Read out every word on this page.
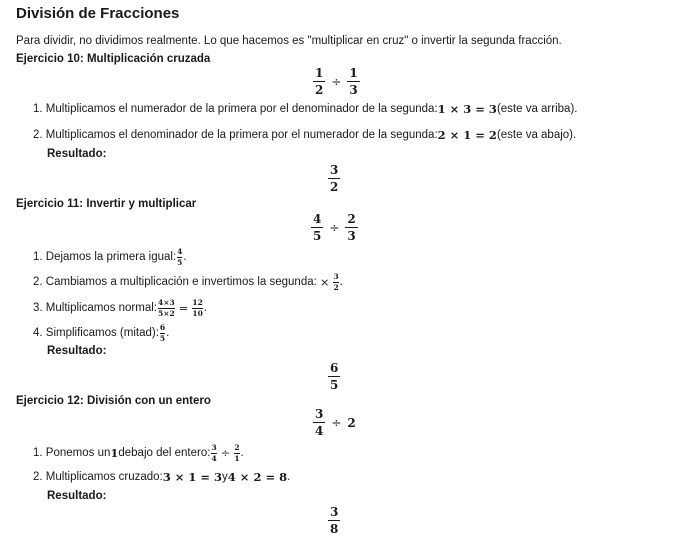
División de Fracciones
Para dividir, no dividimos realmente. Lo que hacemos es "multiplicar en cruz" o invertir la segunda fracción.
Ejercicio 10: Multiplicación cruzada
$\frac{1}{2} \div \frac{1}{3}$
1. Multiplicamos el numerador de la primera por el denominador de la segunda: 1 × 3 = 3 (este va arriba).
2. Multiplicamos el denominador de la primera por el numerador de la segunda: 2 × 1 = 2 (este va abajo).
Resultado:
$\frac{3}{2}$
Ejercicio 11: Invertir y multiplicar
$\frac{4}{5} \div \frac{2}{3}$
1. Dejamos la primera igual: $\frac{4}{5}$ .
2. Cambiamos a multiplicación e invertimos la segunda: × $\frac{3}{2}$ .
3. Multiplicamos normal: $\frac{4\times 3}{5\times 2} = \frac{12}{10}$ .
4. Simplificamos (mitad): $\frac{6}{5}$ .
Resultado:
$\frac{6}{5}$
Ejercicio 12: División con un entero
$\frac{3}{4} \div 2$
1. Ponemos un 1 debajo del entero: $\frac{3}{4} \div \frac{2}{1}$ .
2. Multiplicamos cruzado: 3 × 1 = 3 y 4 × 2 = 8 .
Resultado:
$\frac{3}{8}$
